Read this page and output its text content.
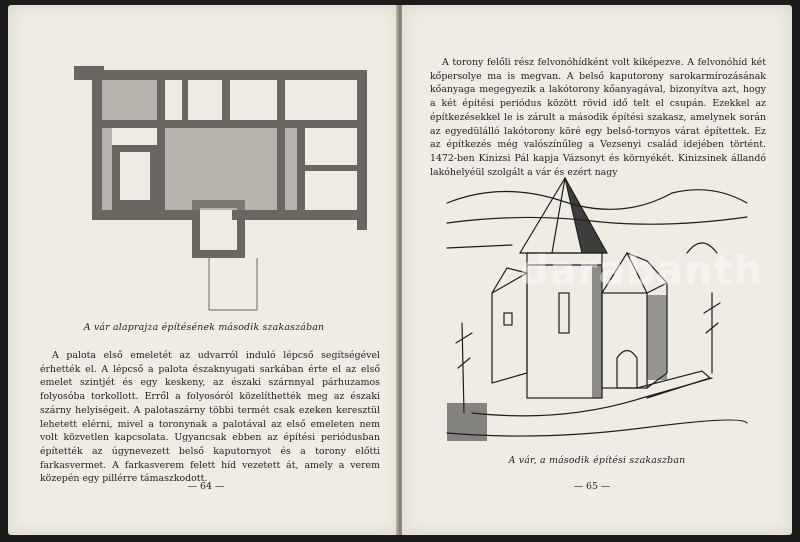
A vár alaprajza építésének második szakaszában
A palota első emeletét az udvarról induló lépcső segítségével érhették el. A lépcső a palota északnyugati sarkában érte el az első emelet szintjét és egy keskeny, az északi szárnnyal párhuzamos folyosóba torkollott. Erről a folyosóról közelíthették meg az északi szárny helyiségeit. A palotaszárny többi termét csak ezeken keresztül lehetett elérni, mivel a toronynak a palotával az első emeleten nem volt közvetlen kapcsolata. Ugyancsak ebben az építési periódusban építették az úgynevezett belső kaputornyot és a torony előtti farkasvermet. A farkasverem felett híd vezetett át, amely a verem közepén egy pillérre támaszkodott.
— 64 —
A torony felőli rész felvonóhídként volt kiképezve. A felvonóhíd két kőpersolye ma is megvan. A belső kaputorony sarokarmírozásának kőanyaga megegyezik a lakótorony kőanyagával, bizonyítva azt, hogy a két építési periódus között rövid idő telt el csupán. Ezekkel az építkezésekkel le is zárult a második építési szakasz, amelynek során az egyedülálló lakótorony köré egy belső-tornyos várat építettek. Ez az építkezés még valószínűleg a Vezsenyi család idejében történt. 1472-ben Kinizsi Pál kapja Vázsonyt és környékét. Kinizsinek állandó lakóhelyéül szolgált a vár és ezért nagy
A vár, a második építési szakaszban
— 65 —
darabanth
